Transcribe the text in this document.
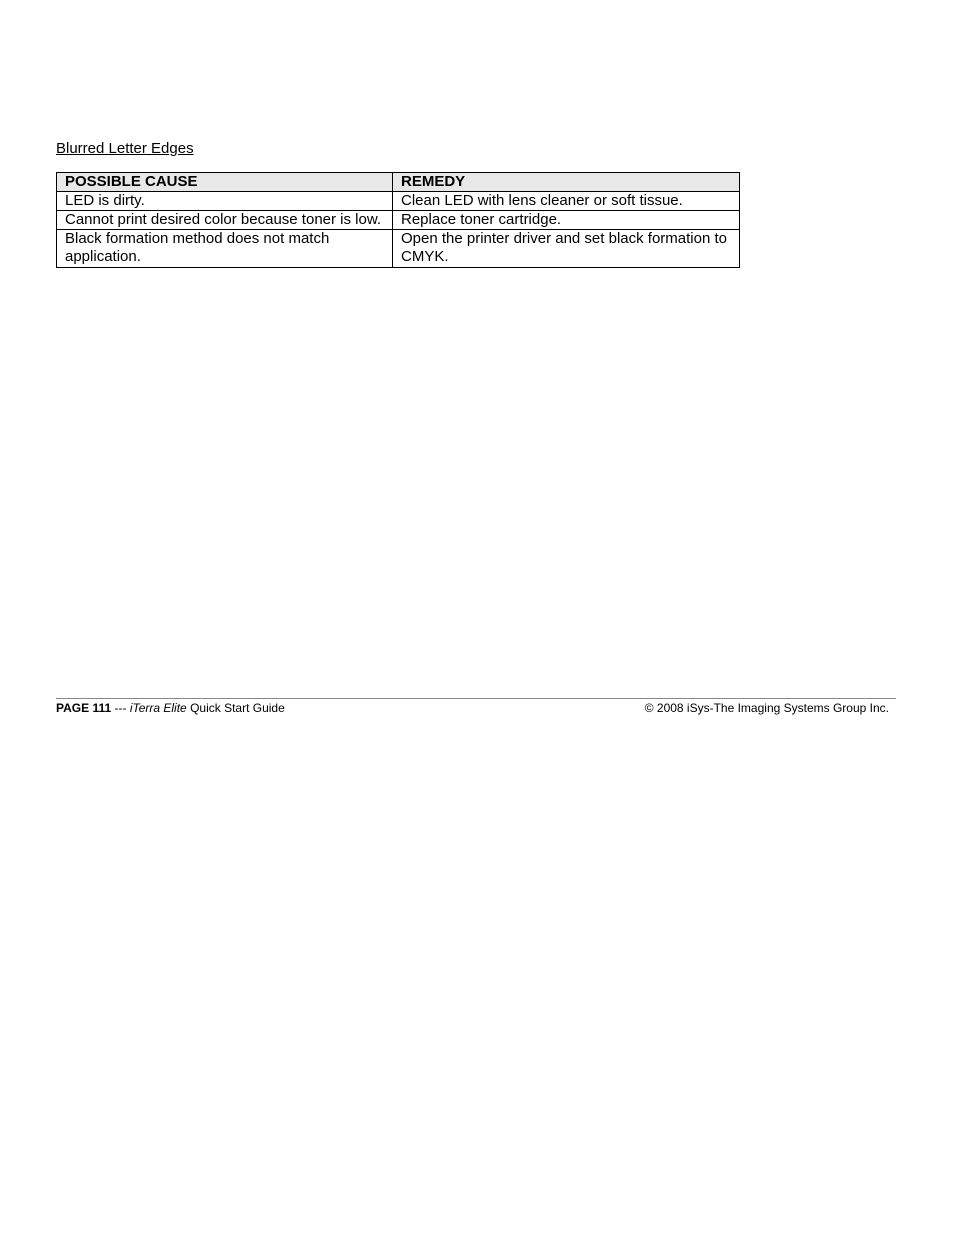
Blurred Letter Edges
POSSIBLE CAUSE	REMEDY
LED is dirty.	Clean LED with lens cleaner or soft tissue.
Cannot print desired color because toner is low.	Replace toner cartridge.
Black formation method does not match application.	Open the printer driver and set black formation to
CMYK.
PAGE 111 --- iTerra Elite Quick Start Guide	© 2008 iSys-The Imaging Systems Group Inc.
